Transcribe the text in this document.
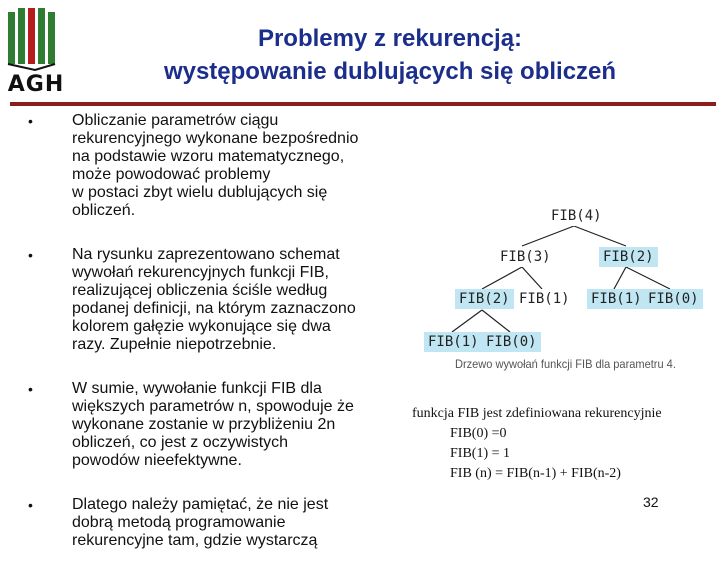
AGH
Problemy z rekurencją:
występowanie dublujących się obliczeń
• Obliczanie parametrów ciągu

rekurencyjnego wykonane bezpośrednio

na podstawie wzoru matematycznego,

może powodować problemy

w postaci zbyt wielu dublujących się

obliczeń.

• Na rysunku zaprezentowano schemat

wywołań rekurencyjnych funkcji FIB,

realizującej obliczenia ściśle według

podanej definicji, na którym zaznaczono

kolorem gałęzie wykonujące się dwa

razy. Zupełnie niepotrzebnie.

• W sumie, wywołanie funkcji FIB dla

większych parametrów n, spowoduje że

wykonane zostanie w przybliżeniu 2n

obliczeń, co jest z oczywistych

powodów nieefektywne.

• Dlatego należy pamiętać, że nie jest

dobrą metodą programowanie

rekurencyjne tam, gdzie wystarczą

FIB(4)
FIB(3)	FIB(2)
FIB(2) FIB(1) FIB(1) FIB(0)
FIB(1) FIB(0)
Drzewo wywołań funkcji FIB dla parametru 4.
funkcja FIB jest zdefiniowana rekurencyjnie
FIB(0) =0
FIB(1) = 1
FIB (n) = FIB(n-1) + FIB(n-2)
32
